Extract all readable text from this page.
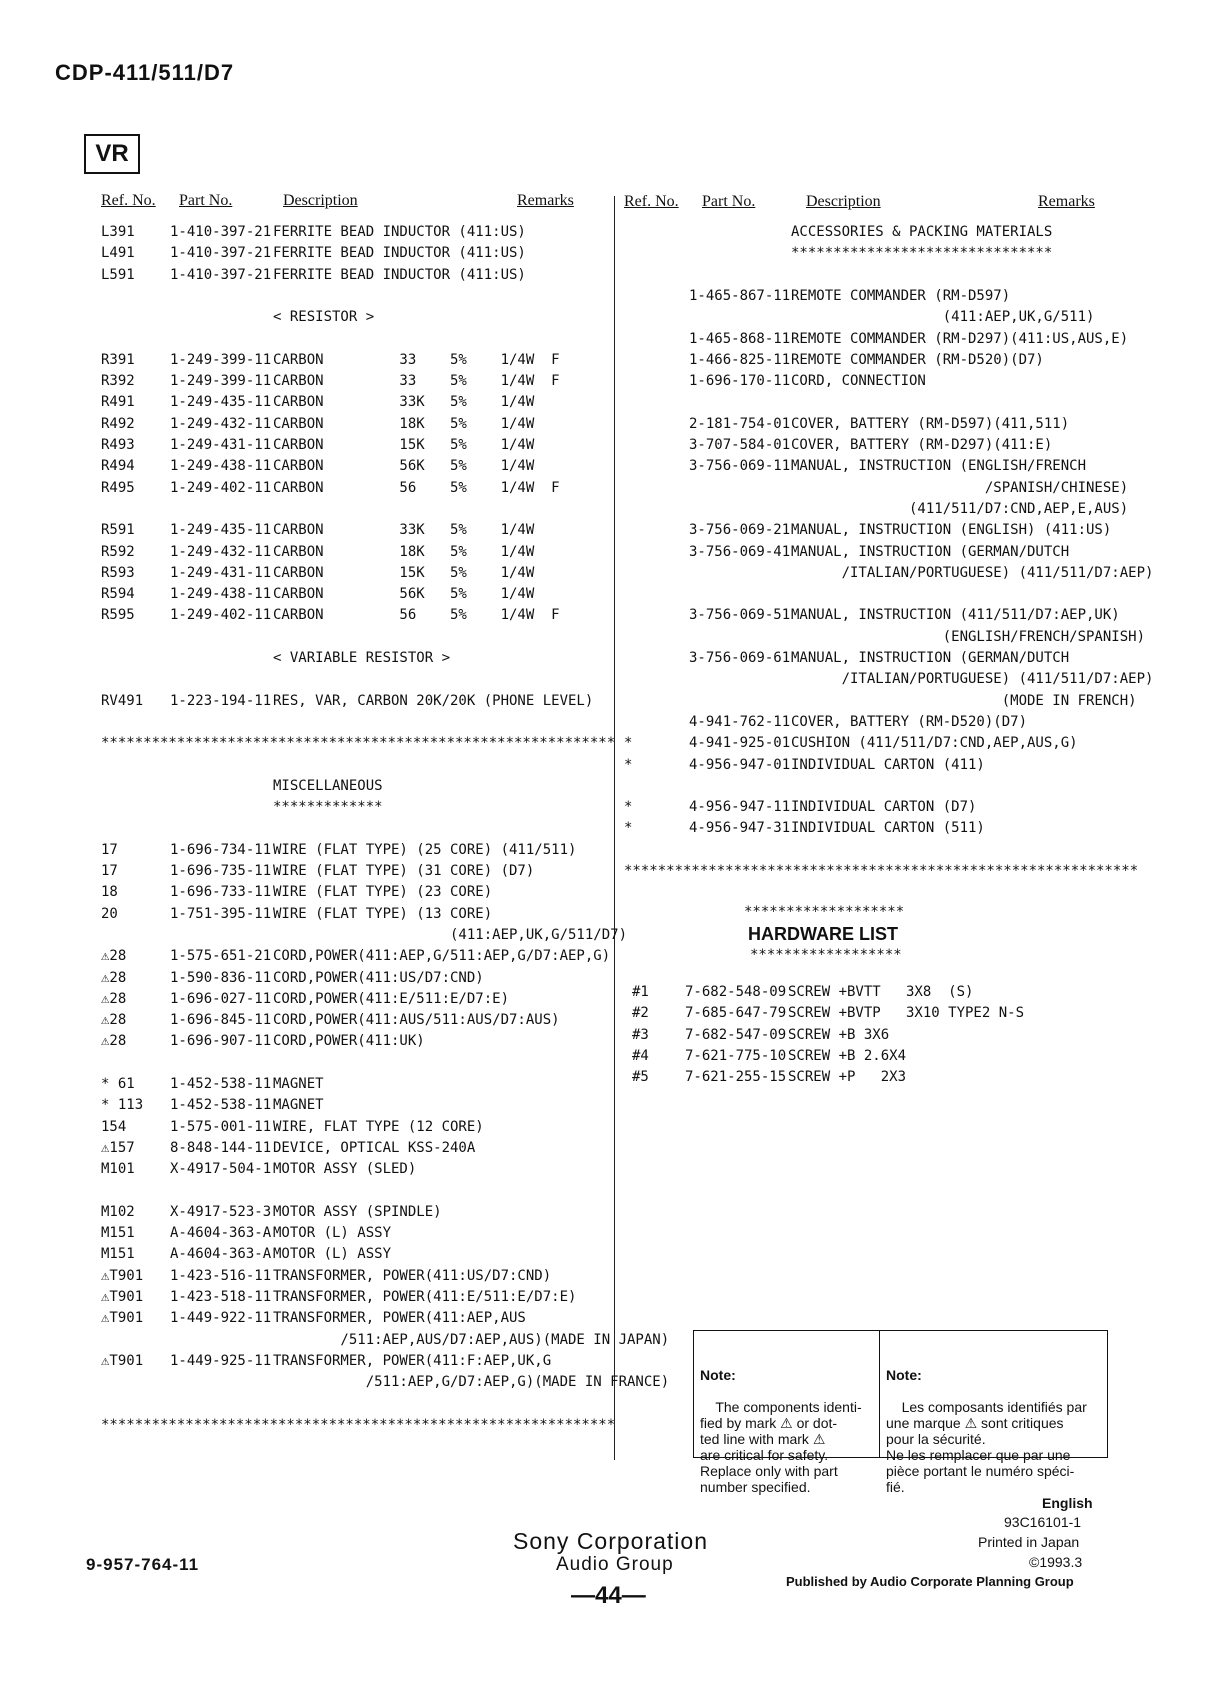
CDP-411/511/D7
VR
Ref. No. Part No.	Description	Remarks	Ref. No. Part No.	Description	Remarks
L391	1-410-397-21 FERRITE BEAD INDUCTOR (411:US)
L491	1-410-397-21 FERRITE BEAD INDUCTOR (411:US)
L591	1-410-397-21 FERRITE BEAD INDUCTOR (411:US)
< RESISTOR >
R391	1-249-399-11 CARBON         33    5%    1/4W  F
R392	1-249-399-11 CARBON         33    5%    1/4W  F
R491	1-249-435-11 CARBON         33K   5%    1/4W
R492	1-249-432-11 CARBON         18K   5%    1/4W
R493	1-249-431-11 CARBON         15K   5%    1/4W
R494	1-249-438-11 CARBON         56K   5%    1/4W
R495	1-249-402-11 CARBON         56    5%    1/4W  F
R591	1-249-435-11 CARBON         33K   5%    1/4W
R592	1-249-432-11 CARBON         18K   5%    1/4W
R593	1-249-431-11 CARBON         15K   5%    1/4W
R594	1-249-438-11 CARBON         56K   5%    1/4W
R595	1-249-402-11 CARBON         56    5%    1/4W  F
< VARIABLE RESISTOR >
RV491 1-223-194-11 RES, VAR, CARBON 20K/20K (PHONE LEVEL)
*************************************************************
MISCELLANEOUS
*************
17	1-696-734-11 WIRE (FLAT TYPE) (25 CORE) (411/511)
17	1-696-735-11 WIRE (FLAT TYPE) (31 CORE) (D7)
18	1-696-733-11 WIRE (FLAT TYPE) (23 CORE)
20	1-751-395-11 WIRE (FLAT TYPE) (13 CORE)
(411:AEP,UK,G/511/D7)
⚠28	1-575-651-21 CORD,POWER(411:AEP,G/511:AEP,G/D7:AEP,G)
⚠28	1-590-836-11 CORD,POWER(411:US/D7:CND)
⚠28	1-696-027-11 CORD,POWER(411:E/511:E/D7:E)
⚠28	1-696-845-11 CORD,POWER(411:AUS/511:AUS/D7:AUS)
⚠28	1-696-907-11 CORD,POWER(411:UK)
* 61	1-452-538-11 MAGNET
* 113 1-452-538-11 MAGNET
154	1-575-001-11 WIRE, FLAT TYPE (12 CORE)
⚠157	8-848-144-11 DEVICE, OPTICAL KSS-240A
M101	X-4917-504-1 MOTOR ASSY (SLED)
M102	X-4917-523-3 MOTOR ASSY (SPINDLE)
M151	A-4604-363-A MOTOR (L) ASSY
M151	A-4604-363-A MOTOR (L) ASSY
⚠T901 1-423-516-11 TRANSFORMER, POWER(411:US/D7:CND)
⚠T901 1-423-518-11 TRANSFORMER, POWER(411:E/511:E/D7:E)
⚠T901 1-449-922-11 TRANSFORMER, POWER(411:AEP,AUS
/511:AEP,AUS/D7:AEP,AUS)(MADE IN JAPAN)
⚠T901 1-449-925-11 TRANSFORMER, POWER(411:F:AEP,UK,G
/511:AEP,G/D7:AEP,G)(MADE IN FRANCE)
*************************************************************
ACCESSORIES & PACKING MATERIALS
*******************************
1-465-867-11 REMOTE COMMANDER (RM-D597)
(411:AEP,UK,G/511)
1-465-868-11 REMOTE COMMANDER (RM-D297)(411:US,AUS,E)
1-466-825-11 REMOTE COMMANDER (RM-D520)(D7)
1-696-170-11 CORD, CONNECTION
2-181-754-01 COVER, BATTERY (RM-D597)(411,511)
3-707-584-01 COVER, BATTERY (RM-D297)(411:E)
3-756-069-11 MANUAL, INSTRUCTION (ENGLISH/FRENCH
/SPANISH/CHINESE)
(411/511/D7:CND,AEP,E,AUS)
3-756-069-21 MANUAL, INSTRUCTION (ENGLISH) (411:US)
3-756-069-41 MANUAL, INSTRUCTION (GERMAN/DUTCH
/ITALIAN/PORTUGUESE) (411/511/D7:AEP)
3-756-069-51 MANUAL, INSTRUCTION (411/511/D7:AEP,UK)
(ENGLISH/FRENCH/SPANISH)
3-756-069-61 MANUAL, INSTRUCTION (GERMAN/DUTCH
/ITALIAN/PORTUGUESE) (411/511/D7:AEP)
(MODE IN FRENCH)
4-941-762-11 COVER, BATTERY (RM-D520)(D7)
*	4-941-925-01 CUSHION (411/511/D7:CND,AEP,AUS,G)
*	4-956-947-01 INDIVIDUAL CARTON (411)
*	4-956-947-11 INDIVIDUAL CARTON (D7)
*	4-956-947-31 INDIVIDUAL CARTON (511)
*************************************************************
*******************
HARDWARE LIST
******************
#1	7-682-548-09 SCREW +BVTT   3X8  (S)
#2	7-685-647-79 SCREW +BVTP   3X10 TYPE2 N-S
#3	7-682-547-09 SCREW +B 3X6
#4	7-621-775-10 SCREW +B 2.6X4
#5	7-621-255-15 SCREW +P   2X3

Note:

The components identi-
fied by mark ⚠ or dot-
ted line with mark ⚠
are critical for safety.
Replace only with part
number specified.

Note:

Les composants identifiés par
une marque ⚠ sont critiques
pour la sécurité.
Ne les remplacer que par une
pièce portant le numéro spéci-
fié.

9-957-764-11
Sony Corporation
Audio Group
—44—
English
93C16101-1
Printed in Japan
©1993.3
Published by Audio Corporate Planning Group
